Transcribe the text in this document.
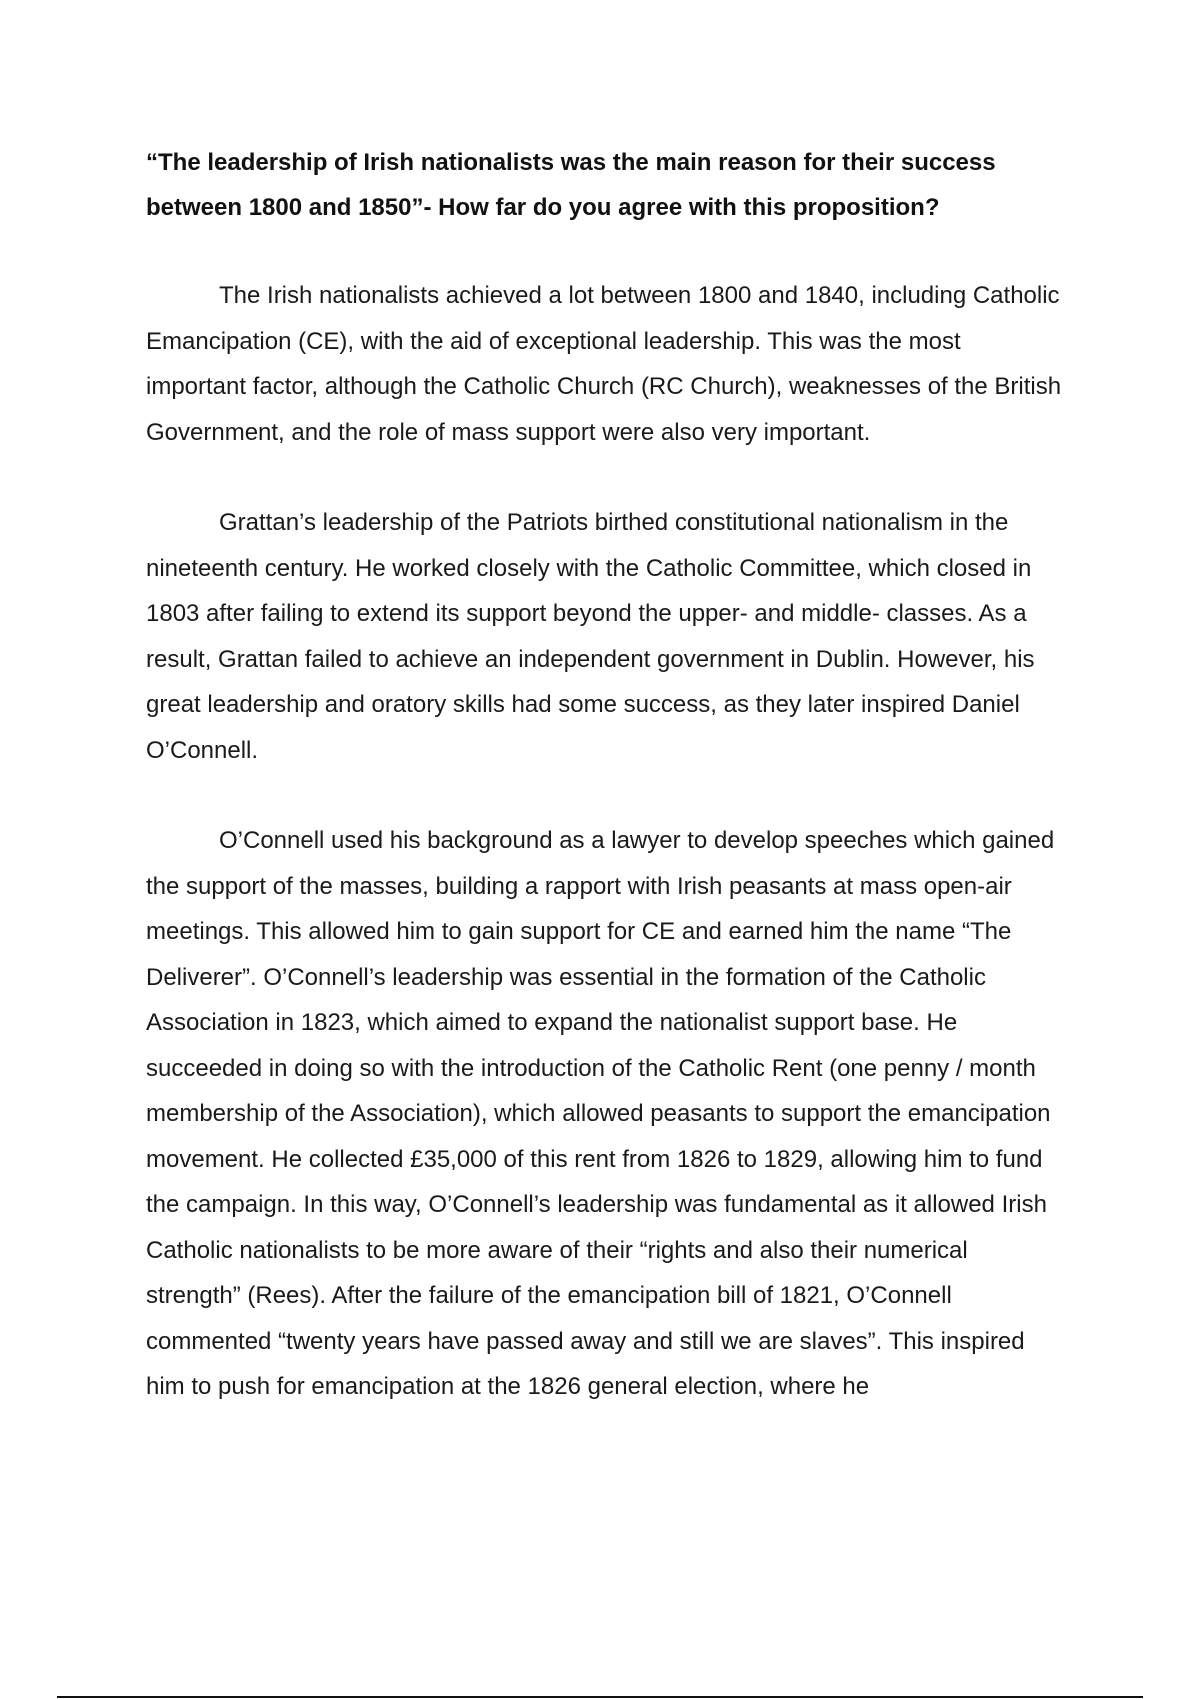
“The leadership of Irish nationalists was the main reason for their success between 1800 and 1850”- How far do you agree with this proposition?

The Irish nationalists achieved a lot between 1800 and 1840, including Catholic Emancipation (CE), with the aid of exceptional leadership. This was the most important factor, although the Catholic Church (RC Church), weaknesses of the British Government, and the role of mass support were also very important.

Grattan’s leadership of the Patriots birthed constitutional nationalism in the nineteenth century. He worked closely with the Catholic Committee, which closed in 1803 after failing to extend its support beyond the upper- and middle- classes. As a result, Grattan failed to achieve an independent government in Dublin. However, his great leadership and oratory skills had some success, as they later inspired Daniel O’Connell.

O’Connell used his background as a lawyer to develop speeches which gained the support of the masses, building a rapport with Irish peasants at mass open-air meetings. This allowed him to gain support for CE and earned him the name “The Deliverer”. O’Connell’s leadership was essential in the formation of the Catholic Association in 1823, which aimed to expand the nationalist support base. He succeeded in doing so with the introduction of the Catholic Rent (one penny / month membership of the Association), which allowed peasants to support the emancipation movement. He collected £35,000 of this rent from 1826 to 1829, allowing him to fund the campaign. In this way, O’Connell’s leadership was fundamental as it allowed Irish Catholic nationalists to be more aware of their “rights and also their numerical strength” (Rees). After the failure of the emancipation bill of 1821, O’Connell commented “twenty years have passed away and still we are slaves”. This inspired him to push for emancipation at the 1826 general election, where he
